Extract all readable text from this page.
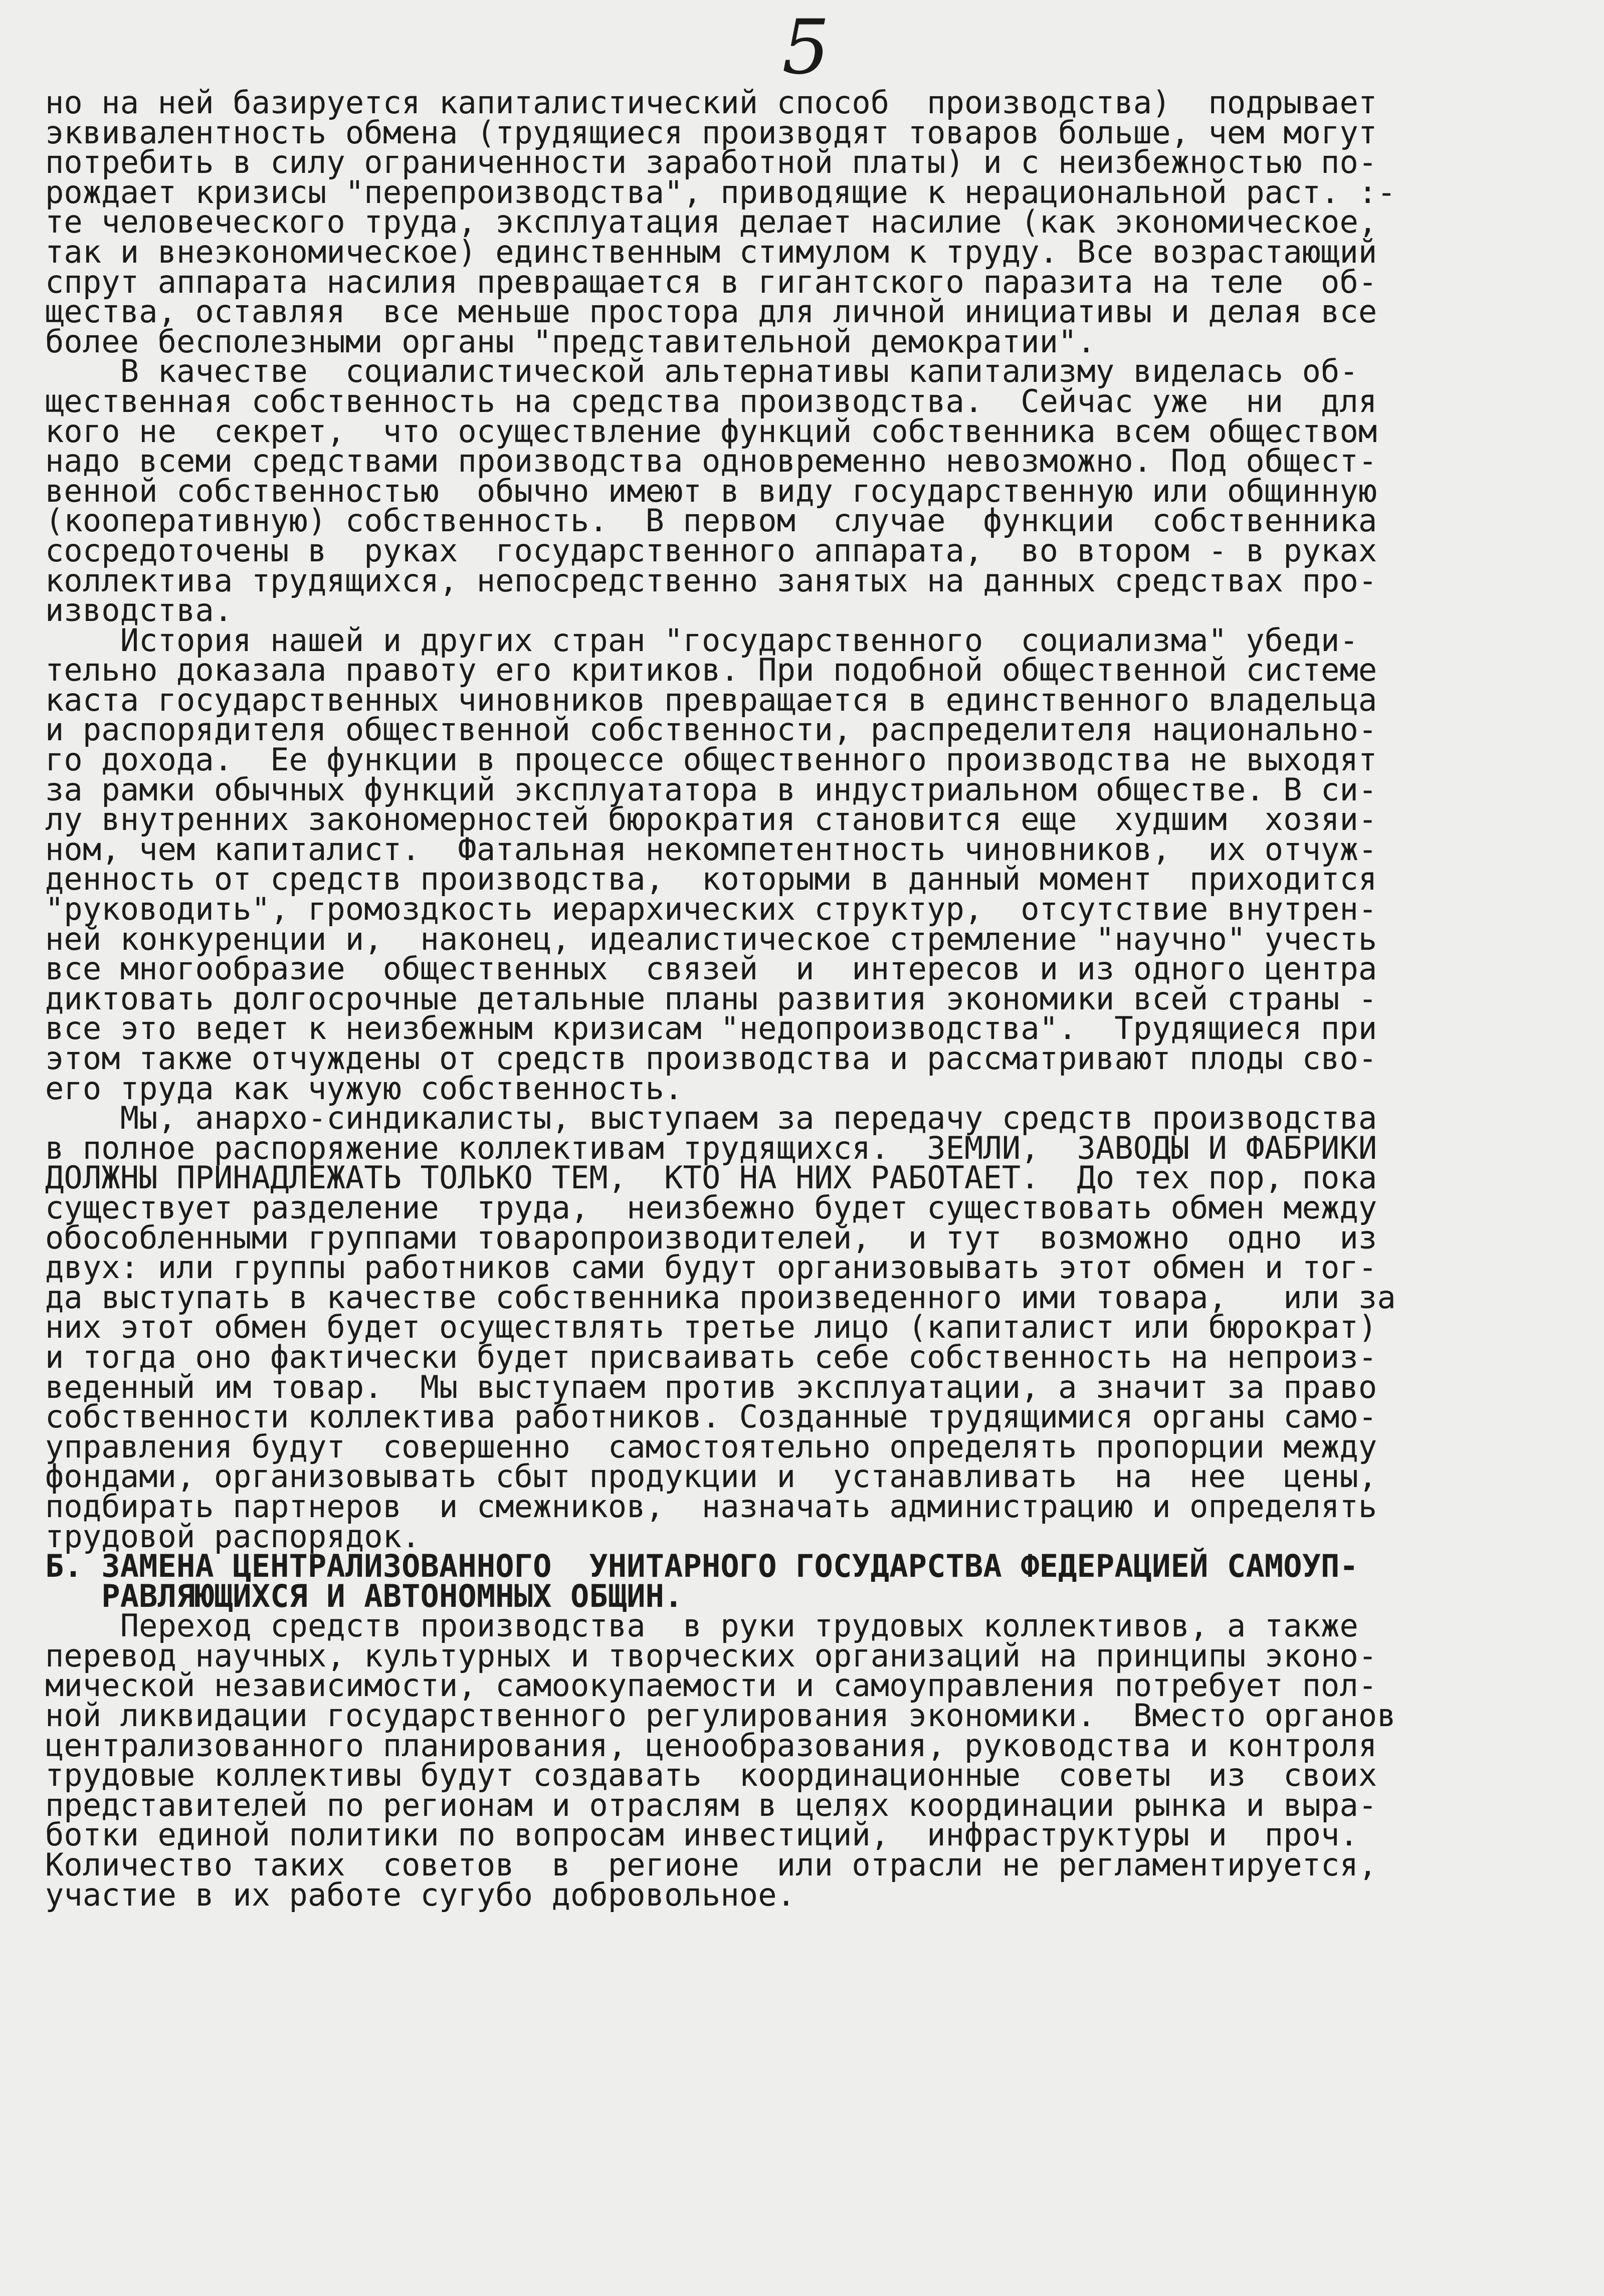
5
но на ней базируется капиталистический способ  производства)  подрывает
эквивалентность обмена (трудящиеся производят товаров больше, чем могут
потребить в силу ограниченности заработной платы) и с неизбежностью по-
рождает кризисы "перепроизводства", приводящие к нерациональной раст. :-
те человеческого труда, эксплуатация делает насилие (как экономическое,
так и внеэкономическое) единственным стимулом к труду. Все возрастающий
спрут аппарата насилия превращается в гигантского паразита на теле  об-
щества, оставляя  все меньше простора для личной инициативы и делая все
более бесполезными органы "представительной демократии".
В качестве  социалистической альтернативы капитализму виделась об-
щественная собственность на средства производства.  Сейчас уже  ни  для
кого не  секрет,  что осуществление функций собственника всем обществом
надо всеми средствами производства одновременно невозможно. Под общест-
венной собственностью  обычно имеют в виду государственную или общинную
(кооперативную) собственность.  В первом  случае  функции  собственника
сосредоточены в  руках  государственного аппарата,  во втором - в руках
коллектива трудящихся, непосредственно занятых на данных средствах про-
изводства.
История нашей и других стран "государственного  социализма" убеди-
тельно доказала правоту его критиков. При подобной общественной системе
каста государственных чиновников превращается в единственного владельца
и распорядителя общественной собственности, распределителя национально-
го дохода.  Ее функции в процессе общественного производства не выходят
за рамки обычных функций эксплуататора в индустриальном обществе. В си-
лу внутренних закономерностей бюрократия становится еще  худшим  хозяи-
ном, чем капиталист.  Фатальная некомпетентность чиновников,  их отчуж-
денность от средств производства,  которыми в данный момент  приходится
"руководить", громоздкость иерархических структур,  отсутствие внутрен-
ней конкуренции и,  наконец, идеалистическое стремление "научно" учесть
все многообразие  общественных  связей  и  интересов и из одного центра
диктовать долгосрочные детальные планы развития экономики всей страны -
все это ведет к неизбежным кризисам "недопроизводства".  Трудящиеся при
этом также отчуждены от средств производства и рассматривают плоды сво-
его труда как чужую собственность.
Мы, анархо-синдикалисты, выступаем за передачу средств производства
в полное распоряжение коллективам трудящихся.  ЗЕМЛИ,  ЗАВОДЫ И ФАБРИКИ
ДОЛЖНЫ ПРИНАДЛЕЖАТЬ ТОЛЬКО ТЕМ,  КТО НА НИХ РАБОТАЕТ.  До тех пор, пока
существует разделение  труда,  неизбежно будет существовать обмен между
обособленными группами товаропроизводителей,  и тут  возможно  одно  из
двух: или группы работников сами будут организовывать этот обмен и тог-
да выступать в качестве собственника произведенного ими товара,   или за
них этот обмен будет осуществлять третье лицо (капиталист или бюрократ)
и тогда оно фактически будет присваивать себе собственность на непроиз-
веденный им товар.  Мы выступаем против эксплуатации, а значит за право
собственности коллектива работников. Созданные трудящимися органы само-
управления будут  совершенно  самостоятельно определять пропорции между
фондами, организовывать сбыт продукции и  устанавливать  на  нее  цены,
подбирать партнеров  и смежников,  назначать администрацию и определять
трудовой распорядок.
Б. ЗАМЕНА ЦЕНТРАЛИЗОВАННОГО  УНИТАРНОГО ГОСУДАРСТВА ФЕДЕРАЦИЕЙ САМОУП-
РАВЛЯЮЩИХСЯ И АВТОНОМНЫХ ОБЩИН.
Переход средств производства  в руки трудовых коллективов, а также
перевод научных, культурных и творческих организаций на принципы эконо-
мической независимости, самоокупаемости и самоуправления потребует пол-
ной ликвидации государственного регулирования экономики.  Вместо органов
централизованного планирования, ценообразования, руководства и контроля
трудовые коллективы будут создавать  координационные  советы  из  своих
представителей по регионам и отраслям в целях координации рынка и выра-
ботки единой политики по вопросам инвестиций,  инфраструктуры и  проч.
Количество таких  советов  в  регионе  или отрасли не регламентируется,
участие в их работе сугубо добровольное.
